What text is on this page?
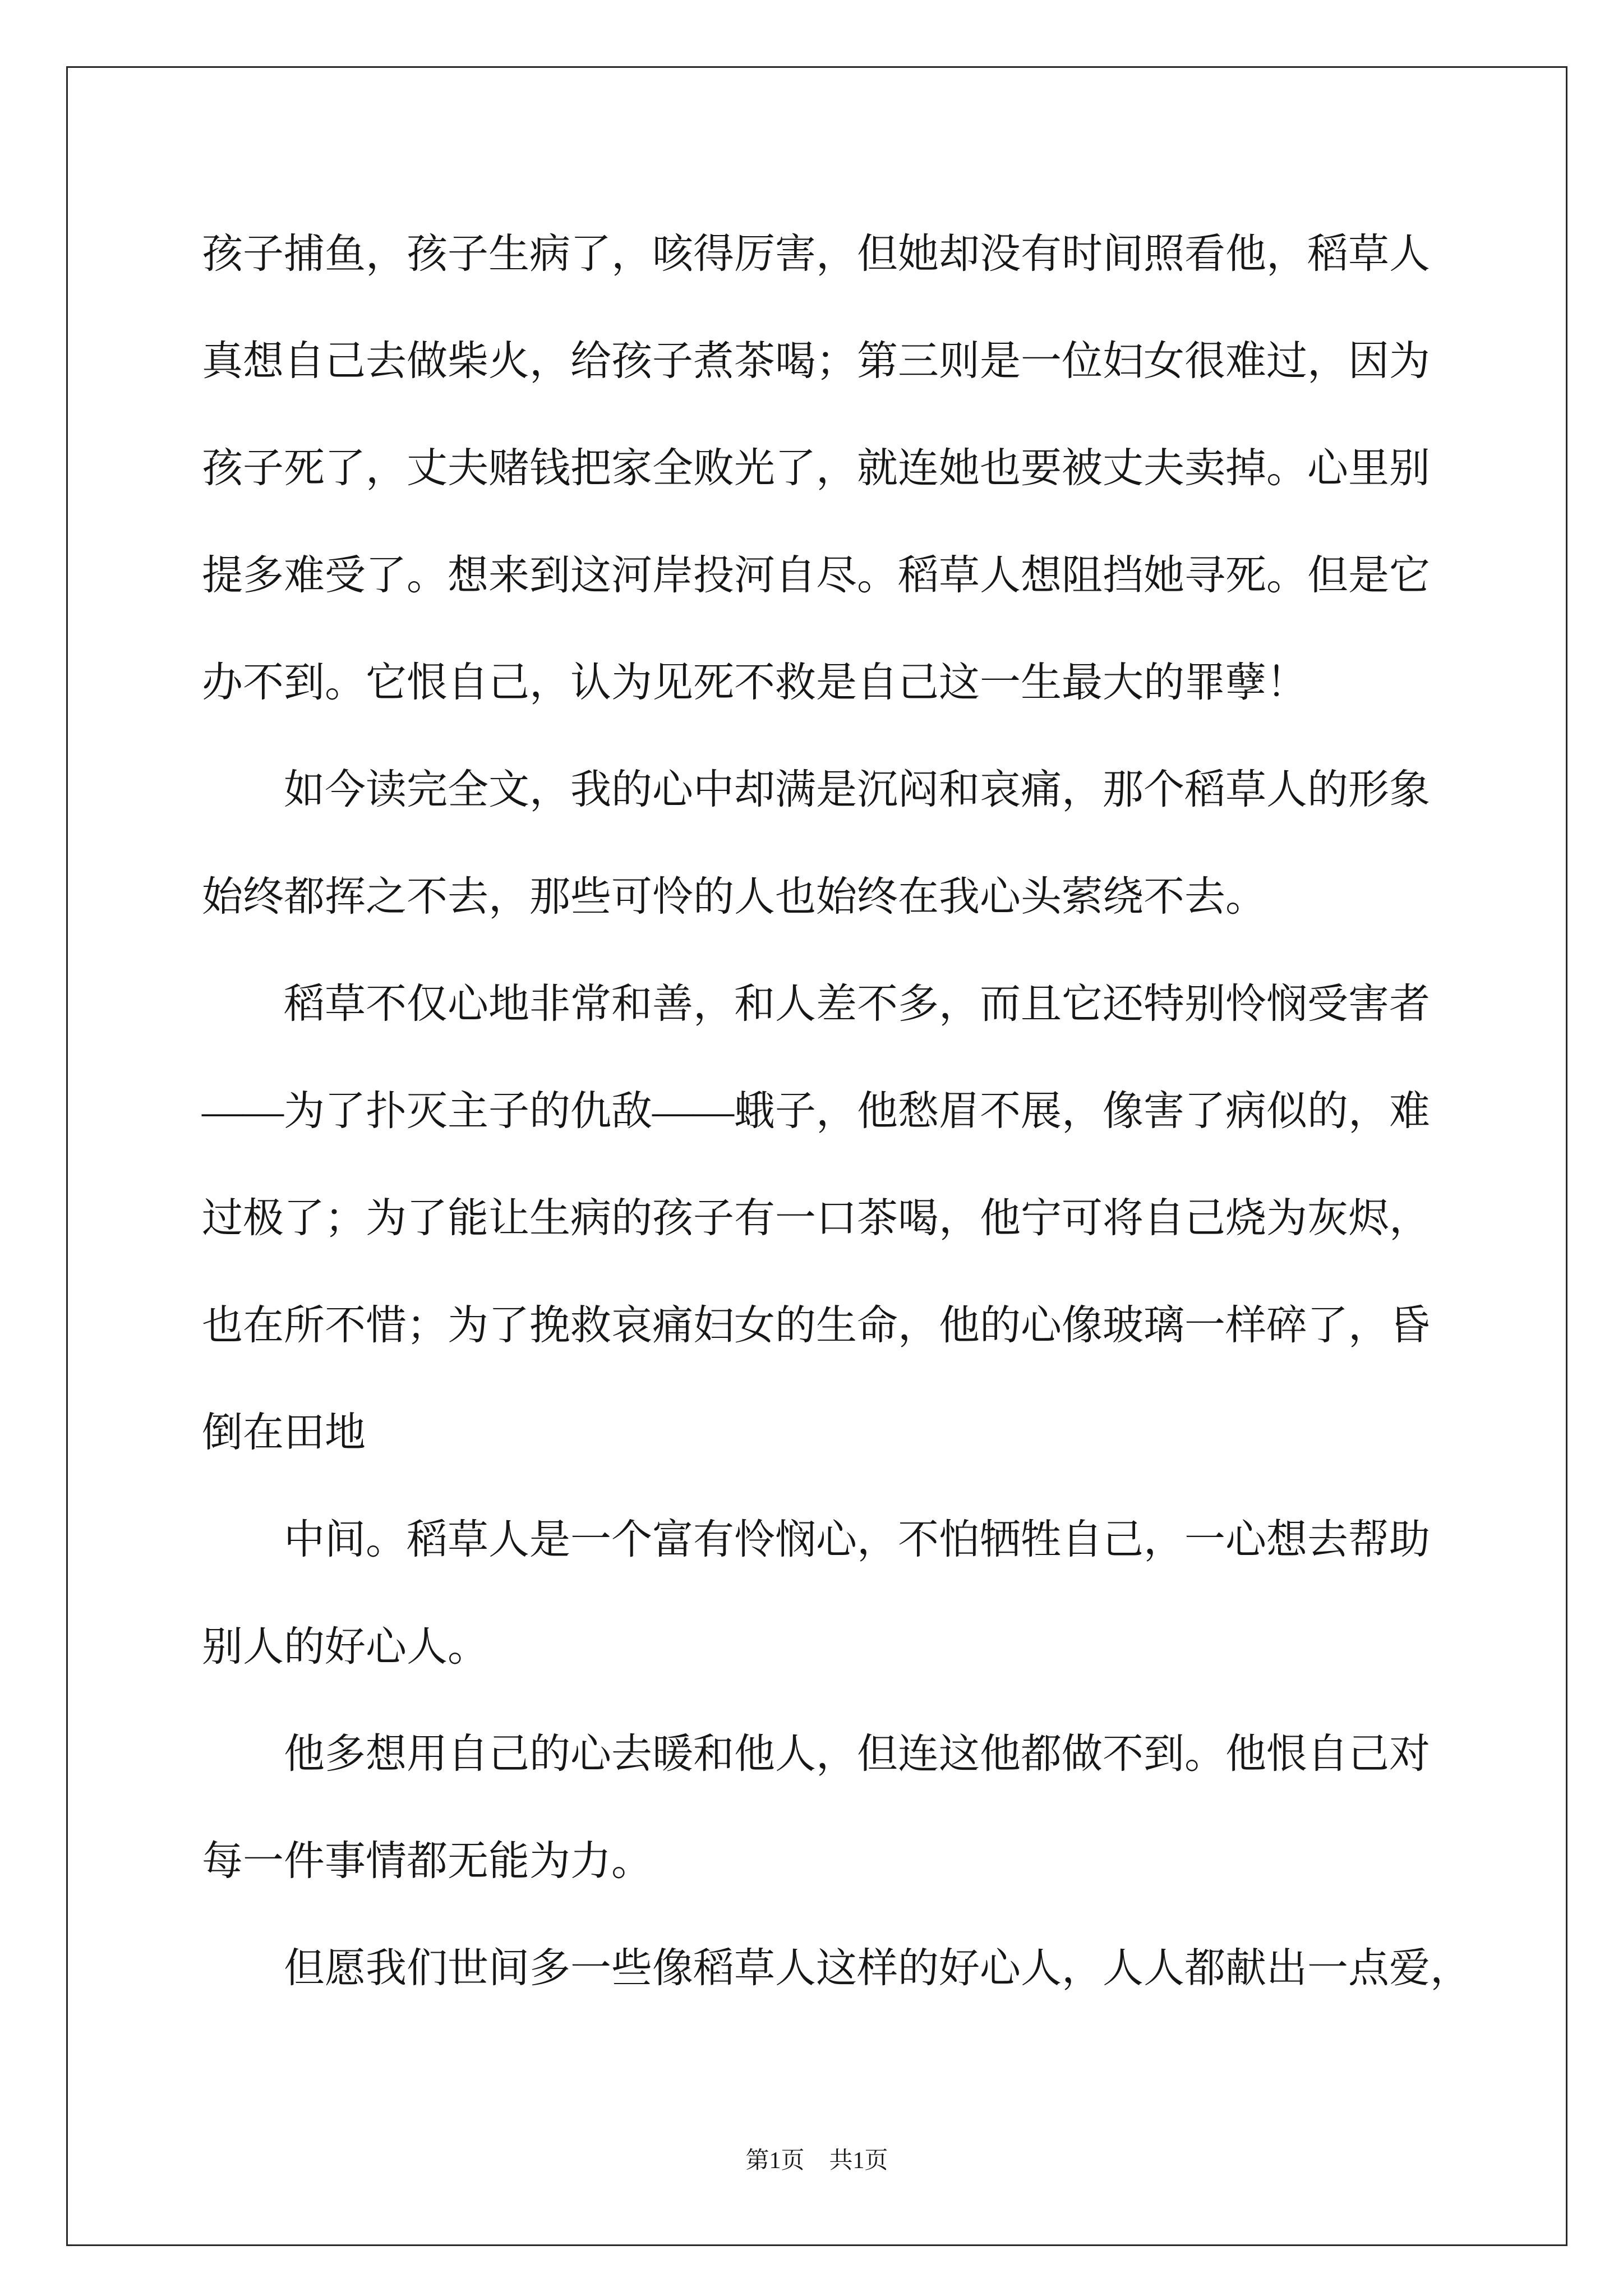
孩子捕鱼，孩子生病了，咳得厉害，但她却没有时间照看他，稻草人
真想自己去做柴火，给孩子煮茶喝；第三则是一位妇女很难过，因为
孩子死了，丈夫赌钱把家全败光了，就连她也要被丈夫卖掉。心里别
提多难受了。想来到这河岸投河自尽。稻草人想阻挡她寻死。但是它
办不到。它恨自己，认为见死不救是自己这一生最大的罪孽！
如今读完全文，我的心中却满是沉闷和哀痛，那个稻草人的形象
始终都挥之不去，那些可怜的人也始终在我心头萦绕不去。
稻草不仅心地非常和善，和人差不多，而且它还特别怜悯受害者
——为了扑灭主子的仇敌——蛾子，他愁眉不展，像害了病似的，难
过极了；为了能让生病的孩子有一口茶喝，他宁可将自己烧为灰烬，
也在所不惜；为了挽救哀痛妇女的生命，他的心像玻璃一样碎了，昏
倒在田地
中间。稻草人是一个富有怜悯心，不怕牺牲自己，一心想去帮助
别人的好心人。
他多想用自己的心去暖和他人，但连这他都做不到。他恨自己对
每一件事情都无能为力。
但愿我们世间多一些像稻草人这样的好心人，人人都献出一点爱，
第1页 共1页
